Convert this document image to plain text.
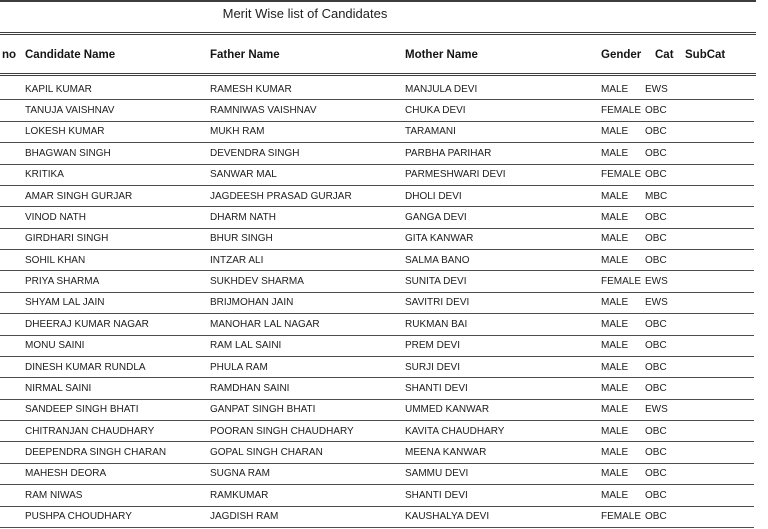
Merit Wise list of Candidates
no Candidate Name	Father Name	Mother Name	Gender	Cat SubCat
KAPIL KUMAR	RAMESH KUMAR	MANJULA DEVI	MALE	EWS
TANUJA VAISHNAV	RAMNIWAS VAISHNAV	CHUKA DEVI	FEMALE OBC
LOKESH KUMAR	MUKH RAM	TARAMANI	MALE	OBC
BHAGWAN SINGH	DEVENDRA SINGH	PARBHA PARIHAR	MALE	OBC
KRITIKA	SANWAR MAL	PARMESHWARI DEVI	FEMALE OBC
AMAR SINGH GURJAR	JAGDEESH PRASAD GURJAR	DHOLI DEVI	MALE	MBC
VINOD NATH	DHARM NATH	GANGA DEVI	MALE	OBC
GIRDHARI SINGH	BHUR SINGH	GITA KANWAR	MALE	OBC
SOHIL KHAN	INTZAR ALI	SALMA BANO	MALE	OBC
PRIYA SHARMA	SUKHDEV SHARMA	SUNITA DEVI	FEMALE EWS
SHYAM LAL JAIN	BRIJMOHAN JAIN	SAVITRI DEVI	MALE	EWS
DHEERAJ KUMAR NAGAR	MANOHAR LAL NAGAR	RUKMAN BAI	MALE	OBC
MONU SAINI	RAM LAL SAINI	PREM DEVI	MALE	OBC
DINESH KUMAR RUNDLA	PHULA RAM	SURJI DEVI	MALE	OBC
NIRMAL SAINI	RAMDHAN SAINI	SHANTI DEVI	MALE	OBC
SANDEEP SINGH BHATI	GANPAT SINGH BHATI	UMMED KANWAR	MALE	EWS
CHITRANJAN CHAUDHARY	POORAN SINGH CHAUDHARY	KAVITA CHAUDHARY	MALE	OBC
DEEPENDRA SINGH CHARAN	GOPAL SINGH CHARAN	MEENA KANWAR	MALE	OBC
MAHESH DEORA	SUGNA RAM	SAMMU DEVI	MALE	OBC
RAM NIWAS	RAMKUMAR	SHANTI DEVI	MALE	OBC
PUSHPA CHOUDHARY	JAGDISH RAM	KAUSHALYA DEVI	FEMALE OBC
